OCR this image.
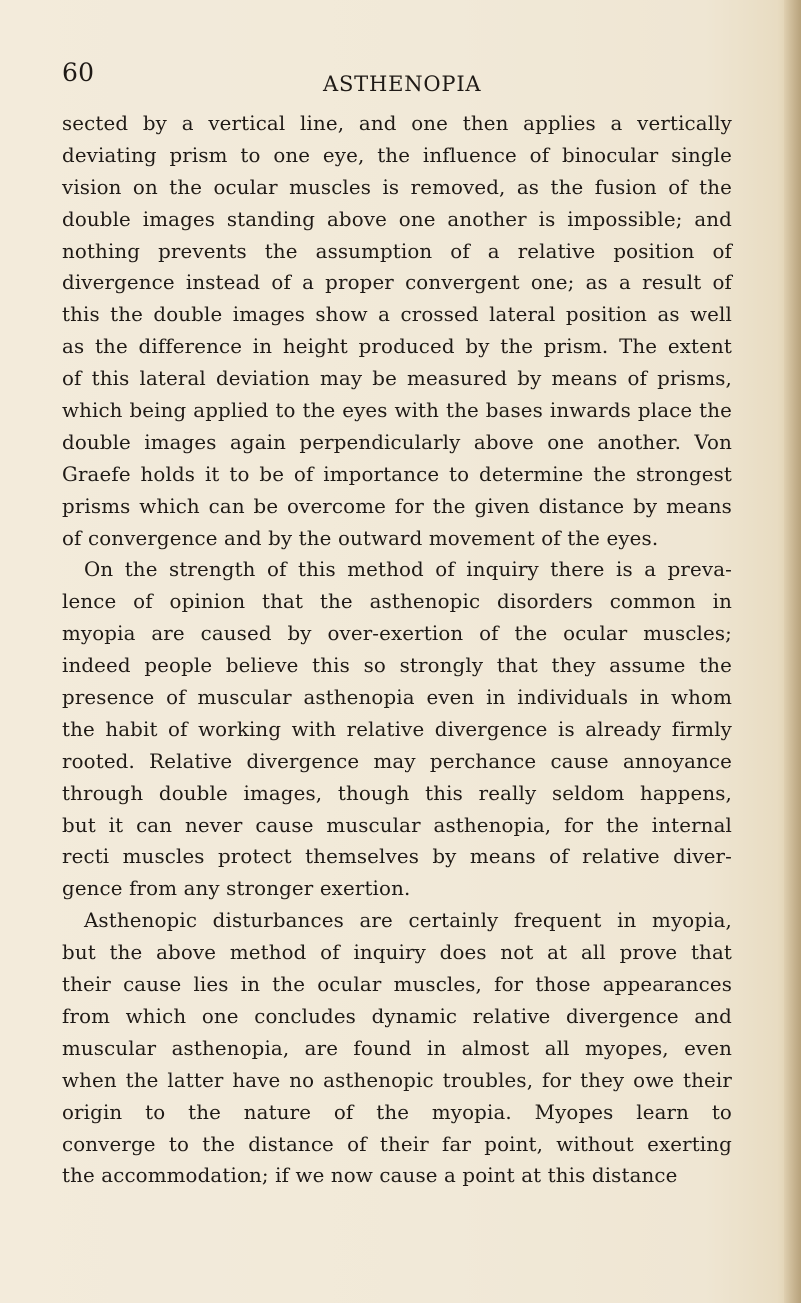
60	ASTHENOPIA
sected by a vertical line, and one then applies a vertically
deviating prism to one eye, the influence of binocular single
vision on the ocular muscles is removed, as the fusion of the
double images standing above one another is impossible; and
nothing prevents the assumption of a relative position of
divergence instead of a proper convergent one; as a result of
this the double images show a crossed lateral position as well
as the difference in height produced by the prism. The extent
of this lateral deviation may be measured by means of prisms,
which being applied to the eyes with the bases inwards place the
double images again perpendicularly above one another. Von
Graefe holds it to be of importance to determine the strongest
prisms which can be overcome for the given distance by means
of convergence and by the outward movement of the eyes.
On the strength of this method of inquiry there is a preva-
lence of opinion that the asthenopic disorders common in
myopia are caused by over-exertion of the ocular muscles;
indeed people believe this so strongly that they assume the
presence of muscular asthenopia even in individuals in whom
the habit of working with relative divergence is already firmly
rooted. Relative divergence may perchance cause annoyance
through double images, though this really seldom happens,
but it can never cause muscular asthenopia, for the internal
recti muscles protect themselves by means of relative diver-
gence from any stronger exertion.
Asthenopic disturbances are certainly frequent in myopia,
but the above method of inquiry does not at all prove that
their cause lies in the ocular muscles, for those appearances
from which one concludes dynamic relative divergence and
muscular asthenopia, are found in almost all myopes, even
when the latter have no asthenopic troubles, for they owe their
origin to the nature of the myopia. Myopes learn to
converge to the distance of their far point, without exerting
the accommodation; if we now cause a point at this distance
